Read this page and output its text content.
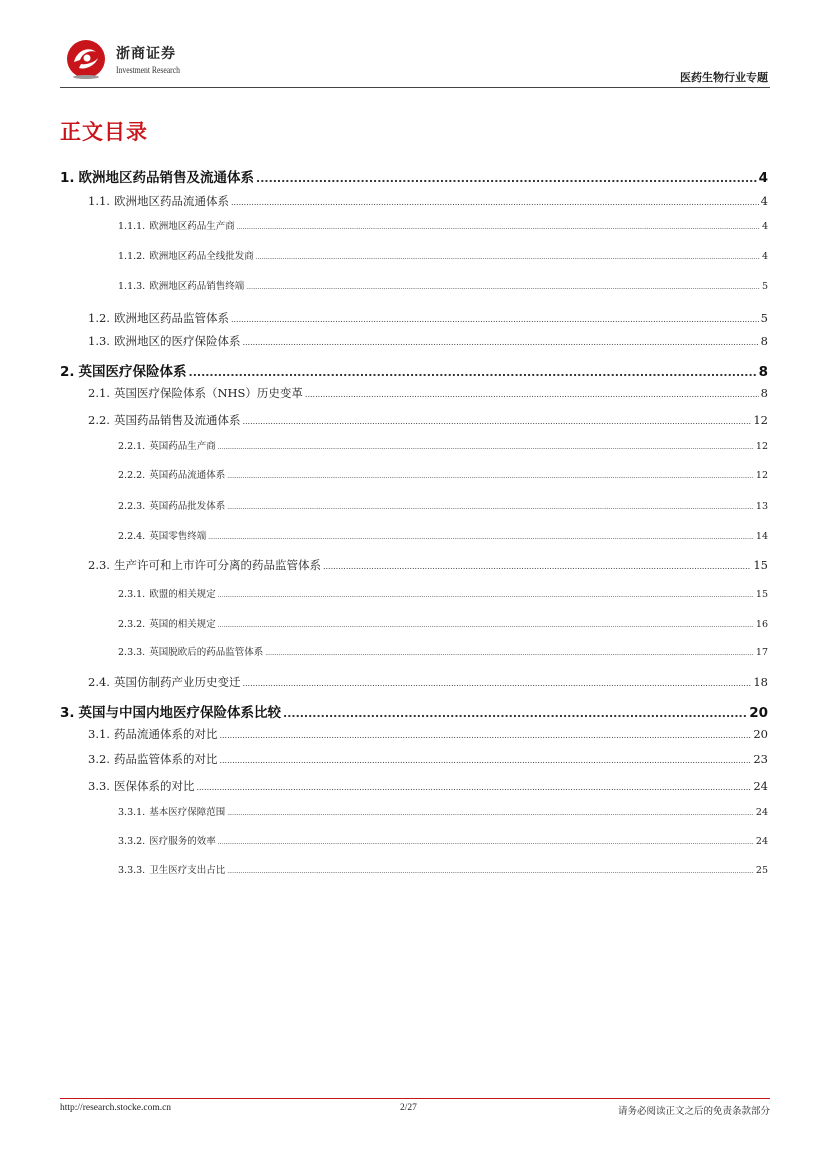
浙商证券
Investment Research
医药生物行业专题
正文目录
1. 欧洲地区药品销售及流通体系 .....	4
1.1. 欧洲地区药品流通体系 .....	4
1.1.1. 欧洲地区药品生产商 .....	4
1.1.2. 欧洲地区药品全线批发商 .....	4
1.1.3. 欧洲地区药品销售终端 .....	5
1.2. 欧洲地区药品监管体系 .....	5
1.3. 欧洲地区的医疗保险体系 .....	8
2. 英国医疗保险体系 .....	8
2.1. 英国医疗保险体系（NHS）历史变革 .....	8
2.2. 英国药品销售及流通体系 .....	12
2.2.1. 英国药品生产商 .....	12
2.2.2. 英国药品流通体系 .....	12
2.2.3. 英国药品批发体系 .....	13
2.2.4. 英国零售终端 .....	14
2.3. 生产许可和上市许可分离的药品监管体系 .....	15
2.3.1. 欧盟的相关规定 .....	15
2.3.2. 英国的相关规定 .....	16
2.3.3. 英国脱欧后的药品监管体系 .....	17
2.4. 英国仿制药产业历史变迁 .....	18
3. 英国与中国内地医疗保险体系比较 .....	20
3.1. 药品流通体系的对比 .....	20
3.2. 药品监管体系的对比 .....	23
3.3. 医保体系的对比 .....	24
3.3.1. 基本医疗保障范围 .....	24
3.3.2. 医疗服务的效率 .....	24
3.3.3. 卫生医疗支出占比 .....	25
http://research.stocke.com.cn	2/27	请务必阅读正文之后的免责条款部分
